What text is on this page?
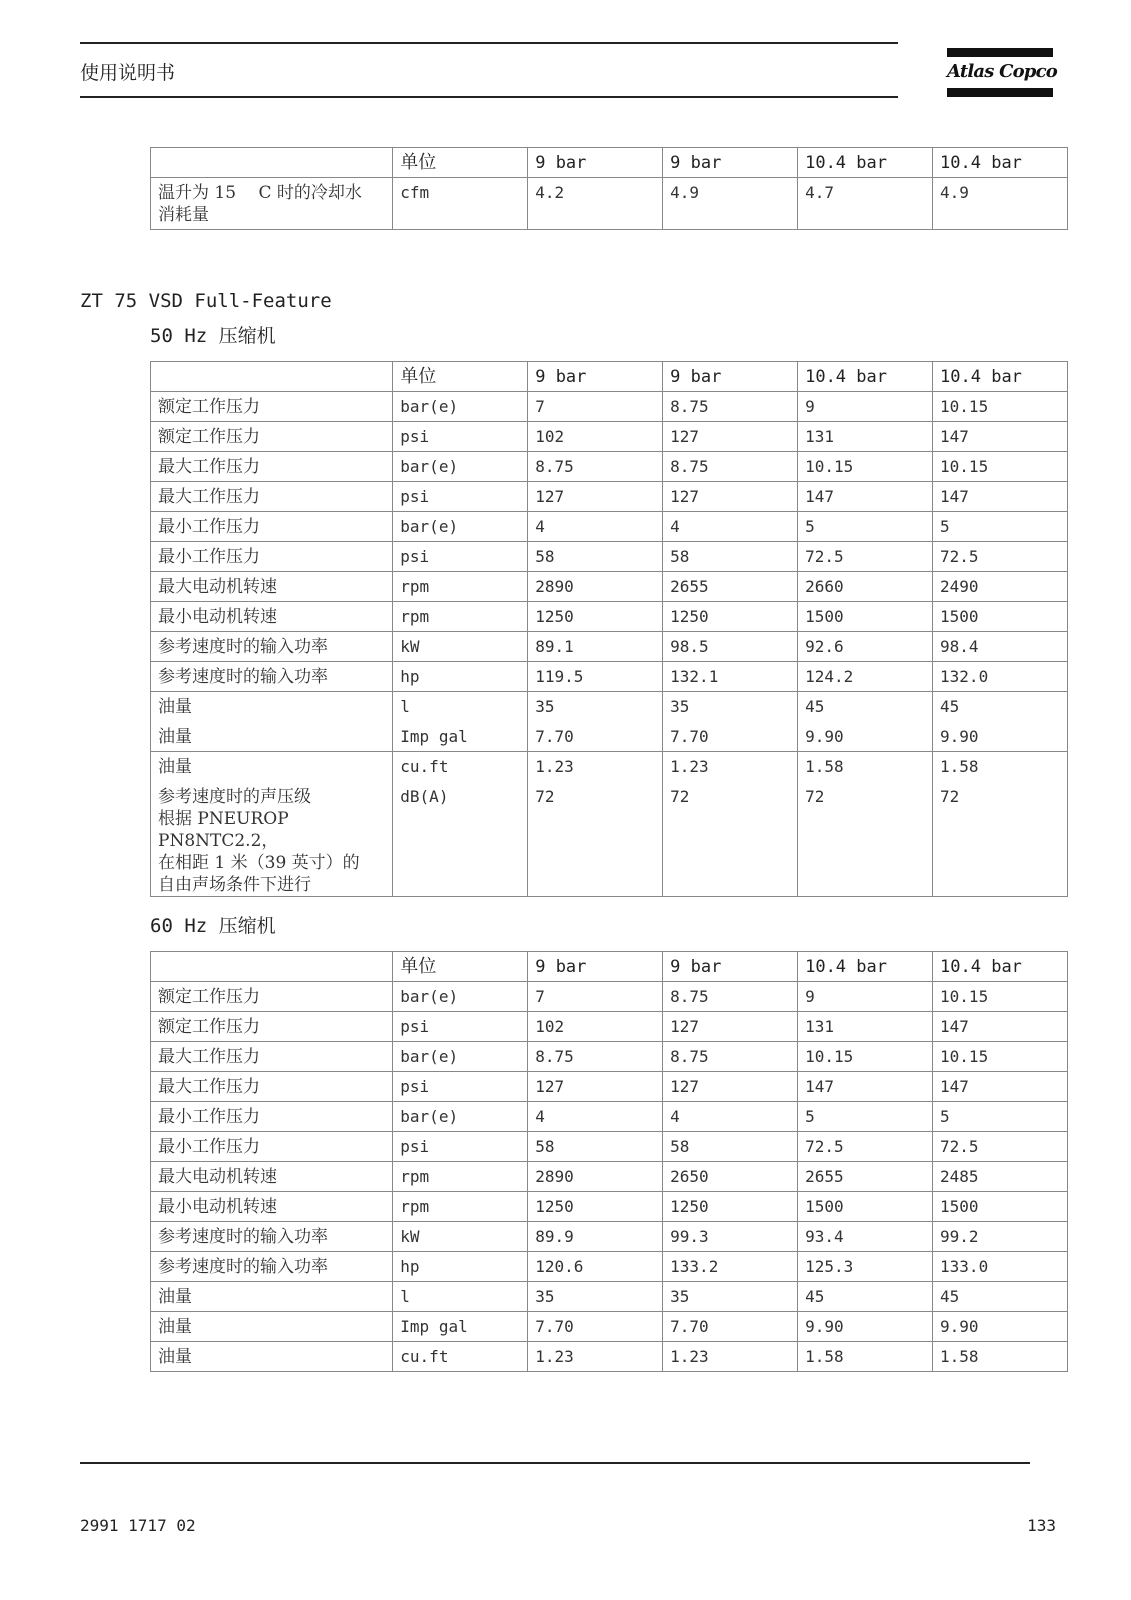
使用说明书	Atlas Copco
	单位	9 bar	9 bar	10.4 bar	10.4 bar

温升为 15　 C 时的冷却水
消耗量	cfm	4.2	4.9	4.7	4.9
ZT 75 VSD Full-Feature
50 Hz 压缩机
	单位	9 bar	9 bar	10.4 bar	10.4 bar
额定工作压力	bar(e)	7	8.75	9	10.15
额定工作压力	psi	102	127	131	147
最大工作压力	bar(e)	8.75	8.75	10.15	10.15
最大工作压力	psi	127	127	147	147
最小工作压力	bar(e)	4	4	5	5
最小工作压力	psi	58	58	72.5	72.5
最大电动机转速	rpm	2890	2655	2660	2490
最小电动机转速	rpm	1250	1250	1500	1500
参考速度时的输入功率	kW	89.1	98.5	92.6	98.4
参考速度时的输入功率	hp	119.5	132.1	124.2	132.0
油量	l	35	35	45	45
油量	Imp gal	7.70	7.70	9.90	9.90

油量	cu.ft	1.23	1.23	1.58	1.58

参考速度时的声压级
根据 PNEUROP PN8NTC2.2，
在相距 1 米（39 英寸）的
自由声场条件下进行	dB(A)	72	72	72	72
60 Hz 压缩机
	单位	9 bar	9 bar	10.4 bar	10.4 bar
额定工作压力	bar(e)	7	8.75	9	10.15
额定工作压力	psi	102	127	131	147
最大工作压力	bar(e)	8.75	8.75	10.15	10.15
最大工作压力	psi	127	127	147	147
最小工作压力	bar(e)	4	4	5	5
最小工作压力	psi	58	58	72.5	72.5
最大电动机转速	rpm	2890	2650	2655	2485
最小电动机转速	rpm	1250	1250	1500	1500
参考速度时的输入功率	kW	89.9	99.3	93.4	99.2
参考速度时的输入功率	hp	120.6	133.2	125.3	133.0
油量	l	35	35	45	45
油量	Imp gal	7.70	7.70	9.90	9.90
油量	cu.ft	1.23	1.23	1.58	1.58
2991 1717 02	133
